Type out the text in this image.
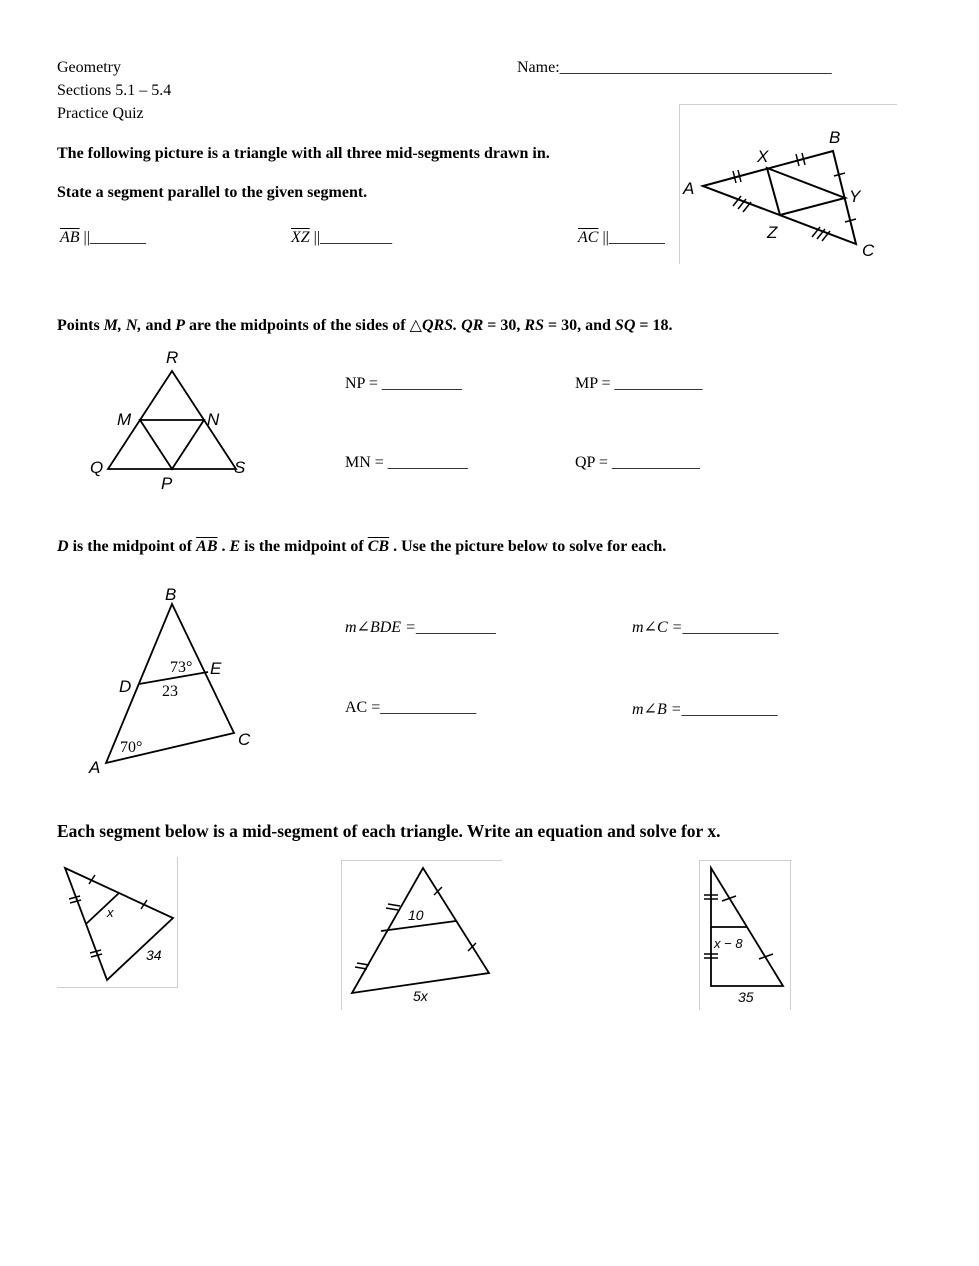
Geometry
Sections 5.1 – 5.4
Practice Quiz
Name:__________________________________
The following picture is a triangle with all three mid-segments drawn in.
State a segment parallel to the given segment.
$\overline{AB}$ ||_______	$\overline{XZ}$ ||_________	$\overline{AC}$ ||_______
A
B
C
X
Y
Z
Points M, N, and P are the midpoints of the sides of △QRS. QR = 30, RS = 30, and SQ = 18.
R
M	N
Q
P
S
NP = __________	MP = ___________
MN = __________	QP = ___________
D is the midpoint of $\overline{AB}$ . E is the midpoint of $\overline{CB}$ . Use the picture below to solve for each.
B
D
E
A
C
73°
23
70°
m∠BDE =__________	m∠C =____________
AC =____________	m∠B =____________
Each segment below is a mid-segment of each triangle. Write an equation and solve for x.
x
34
10
5x
x − 8
35
